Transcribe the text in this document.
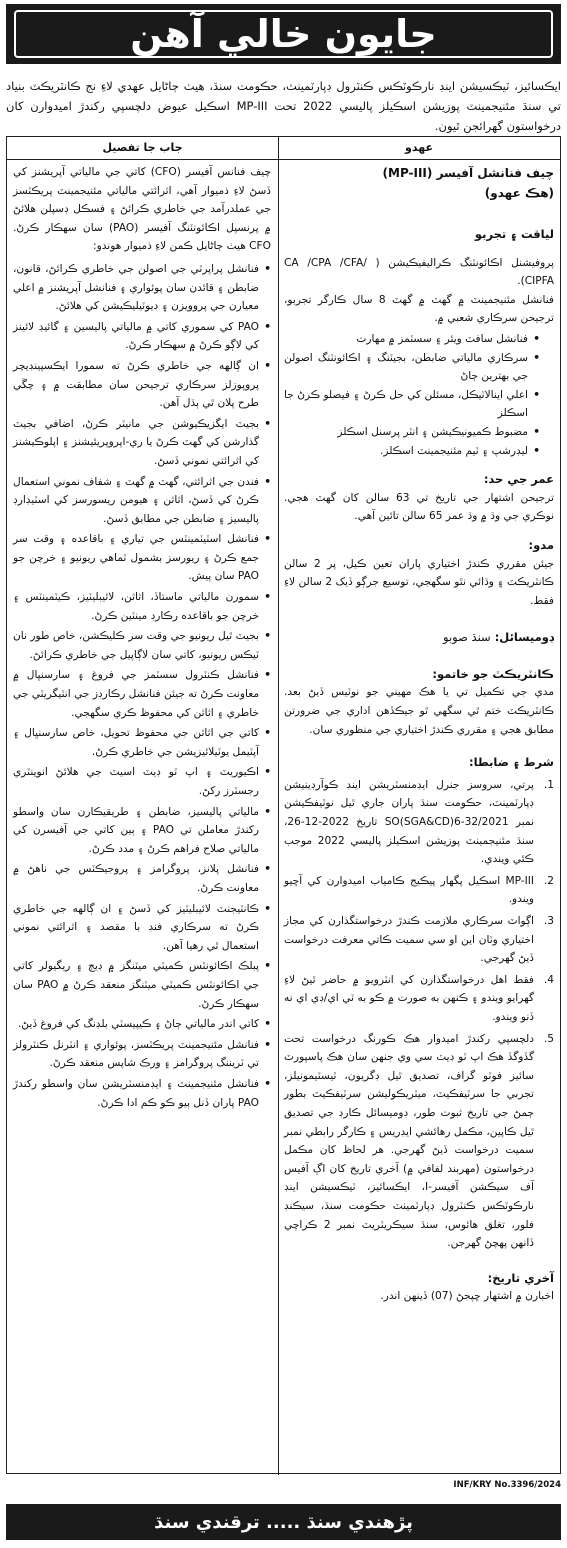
جايون خالي آهن
ايڪسائيز، ٽيڪسيشن اينڊ نارڪوٽڪس ڪنٽرول ڊپارٽمينٽ، حڪومت سنڌ، هيٺ ڄاڻايل عهدي لاءِ نج ڪانٽريڪٽ بنياد تي سنڌ مئنيجمينٽ پوزيشن اسڪيلز پاليسي 2022 تحت MP-III اسڪيل عيوض دلچسپي رکندڙ اميدوارن کان درخواستون گهرائجن ٿيون.
عهدو
جاب جا تفصيل
چيف فنانشل آفيسر (MP-III)
(هڪ عهدو)
لياقت ۽ تجربو
پروفيشنل اڪائونٽنگ ڪراليفيڪيشن ( CA /CPA /CFA/ CIPFA).
فنانشل مئنيجمينٽ ۾ گهٽ ۾ گهٽ 8 سال ڪارگر تجربو، ترجيحن سرڪاري شعبي ۾.
• فنانشل سافٽ ويئر ۽ سسٽمز ۾ مهارت
• سرڪاري مالياتي ضابطن، بجيٽنگ ۽ اڪائونٽنگ اصولن جي بهترين ڄاڻ
• اعلي اينالاٽيڪل، مسئلن کي حل ڪرڻ ۽ فيصلو ڪرڻ جا اسڪلز
• مضبوط ڪميونيڪيشن ۽ انٽر پرسنل اسڪلز
• ليڊرشپ ۽ ٽيم مئنيجمينٽ اسڪلز.
عمر جي حد:
ترجيحن اشتهار جي تاريخ تي 63 سالن کان گهٽ هجي. نوڪري جي وڌ ۾ وڌ عمر 65 سالن تائين آهي.
مدو:
جيئن مقرري ڪندڙ اختياري پاران تعين ڪيل، پر 2 سالن ڪانٽريڪٽ ۽ وڌائي نٿو سگهجي، توسيع جرڳو ڏيک 2 سالن لاءِ فقط.
ڊوميسائل: سنڌ صوبو
ڪانٽريڪٽ جو خاتمو:
مدي جي تڪميل تي يا هڪ مهيني جو نوٽيس ڏيڻ بعد. ڪانٽريڪٽ ختم ٿي سگهي ٿو جيڪڏهن اداري جي ضرورتن مطابق هجي ۽ مقرري ڪندڙ اختياري جي منظوري سان.
شرط ۽ ضابطا:
1.
پرتي، سروسز جنرل ايڊمنسٽريشن اينڊ ڪوآرڊينيشن ڊپارٽمينٽ، حڪومت سنڌ پاران جاري ٿيل نوٽيفڪيشن نمبر SO(SGA&CD)6-32/2021 تاريخ 2022-12-26، سنڌ مئنيجمينٽ پوزيشن اسڪيلز پاليسي 2022 موجب ڪئي ويندي.
2.
MP-III اسڪيل پگهار پيڪيج ڪامياب اميدوارن کي آڇيو ويندو.
3.
اڳواٽ سرڪاري ملازمت ڪندڙ درخواستگذارن کي مجاز اختياري وٽان اين او سي سميت ڪاتي معرفت درخواست ڏيڻ گهرجي.
4.
فقط اهل درخواستگذارن کي انٽرويو ۾ حاضر ٿيڻ لاءِ گهرايو ويندو ۽ ڪنهن به صورت ۾ ڪو به ٽي اي/ڊي اي نه ڏنو ويندو.
5.
دلچسپي رکندڙ اميدوار هڪ ڪورنگ درخواست تحت گڏوگڏ هڪ اپ ٽو ڊيٽ سي وي جنهن سان هڪ پاسپورٽ سائيز فوٽو گراف، تصديق ٿيل ڊگريون، ٽيسٽيمونيلز، تجربي جا سرٽيفڪيٽ، ميٽريڪوليشن سرٽيفڪيٽ بطور ڄمڻ جي تاريخ ثبوت طور، ڊوميسائل ڪارڊ جي تصديق ٿيل ڪاپين، مڪمل رهائشي ايڊريس ۽ ڪارگر رابطي نمبر سميت درخواست ڏيڻ گهرجي. هر لحاظ کان مڪمل درخواستون (مهربند لفافي ۾) آخري تاريخ کان اڳ آفيس آف سيڪشن آفيسر-I، ايڪسائيز، ٽيڪسيشن اينڊ نارڪوٽڪس ڪنٽرول ڊپارٽمينٽ حڪومت سنڌ، سيڪنڊ فلور، تغلق هائوس، سنڌ سيڪريٽريٽ نمبر 2 ڪراچي ڏانهن پهچڻ گهرجن.
آخري تاريخ:
اخبارن ۾ اشتهار ڇپجڻ (07) ڏينهن اندر.
چيف فنانس آفيسر (CFO) کاتي جي مالياتي آپريشنز کي ڏسڻ لاءِ ذميوار آهي، اثرائتي مالياتي مئنيجمينٽ پريڪٽسز جي عملدرآمد جي خاطري ڪرائڻ ۽ فسڪل ڊسپلن هلائڻ ۾ پرنسپل اڪائونٽنگ آفيسر (PAO) سان سهڪار ڪرڻ. CFO هيٺ ڄاڻايل ڪمن لاءِ ذميوار هوندو:
• فنانشل پراپرٽي جي اصولن جي خاطري ڪرائڻ، قانون، ضابطن ۽ قائدن سان پوئواري ۽ فنانشل آپريشنز ۾ اعلي معيارن جي پروويزن ۽ ڊيوٽيليڪيشن کي هلائڻ.
• PAO کي سموري کاتي ۾ مالياتي پاليسين ۽ گائيڊ لائينز کي لاڳو ڪرڻ ۾ سهڪار ڪرڻ.
• ان ڳالهه جي خاطري ڪرڻ ته سمورا ايڪسپينڊيچر پروپوزلز سرڪاري ترجيحن سان مطابقت ۾ ۽ چڱي طرح پلان ٿي ٻڌل آهن.
• بجيٽ ايگزيڪيوشن جي مانيٽر ڪرڻ، اضافي بجيٽ گذارشن کي گهٽ ڪرڻ يا ري-اپروپريئيشنز ۽ اپلوڪيشنز کي اثرائتي نموني ڏسڻ.
• فندن جي اثرائتي، گهٽ ۾ گهٽ ۽ شفاف نموني استعمال ڪرڻ کي ڏسڻ، اثاثن ۽ هيومن ريسورسز کي اسٽيڊارڊ پاليسيز ۽ ضابطن جي مطابق ڏسڻ.
• فنانشل اسٽيٽمينٽس جي تياري ۽ باقاعده ۽ وقت سر جمع ڪرڻ ۽ ريورسز بشمول ٽماهي ريونيو ۽ خرچن جو PAO سان پيش.
• سمورن مالياتي ماستاڏ، اثاثن، لائيبليٽيز، ڪيٽمينٽس ۽ خرچن جو باقاعده رڪارڊ مينٽين ڪرڻ.
• بجيٽ ٿيل ريونيو جي وقت سر ڪليڪشن، خاص طور نان ٽيڪس ريونيو، کاتي سان لاڳاپيل جي خاطري ڪرائڻ.
• فنانشل ڪنٽرول سسٽمز جي فروغ ۽ سارسنڀال ۾ معاونت ڪرڻ ته جيئن فنانشل رڪارڊز جي انٽيگريٽي جي خاطري ۽ اثاثن کي محفوظ ڪري سگهجي.
• کاتي جي اثاثن جي محفوظ تحويل، خاص سارسنڀال ۽ آپٽيمل يوٽيلائيزيشن جي خاطري ڪرڻ.
• اڪيوريٽ ۽ اپ ٽو ڊيٽ اسيٽ جي هلائڻ انوينٽري رجسٽرز رکڻ.
• مالياتي پاليسيز، ضابطن ۽ طريقيڪارن سان واسطو رکندڙ معاملن تي PAO ۽ ٻين کاتي جي آفيسرن کي مالياتي صلاح فراهم ڪرڻ ۽ مدد ڪرڻ.
• فنانشل پلانز، پروگرامز ۽ پروجيڪٽس جي ناهڻ ۾ معاونت ڪرڻ.
• ڪانٽيجنٽ لائيبليٽيز کي ڏسڻ ۽ ان ڳالهه جي خاطري ڪرڻ ته سرڪاري فنڊ با مقصد ۽ اثرائتي نموني استعمال ٿي رهيا آهن.
• پبلڪ اڪائونٽس ڪميٽي ميٽنگز ۾ ڊيڄ ۽ ريگيولر کاتي جي اڪائونٽس ڪميٽي ميٽنگز منعقد ڪرڻ ۾ PAO سان سهڪار ڪرڻ.
• کاتي اندر مالياتي ڄاڻ ۽ ڪيپيسٽي بلڊنگ کي فروغ ڏيڻ.
• فنانشل مئنيجمينٽ پريڪٽسز، پوئواري ۽ انٽرنل ڪنٽرولز تي ٽريننگ پروگرامز ۽ ورڪ شاپس منعقد ڪرڻ.
• فنانشل مئنيجمينٽ ۽ ايڊمنسٽريشن سان واسطو رکندڙ PAO پاران ڏنل ٻيو ڪو ڪم ادا ڪرڻ.
INF/KRY No.3396/2024
پڙهندي سنڌ ..... ترقندي سنڌ
